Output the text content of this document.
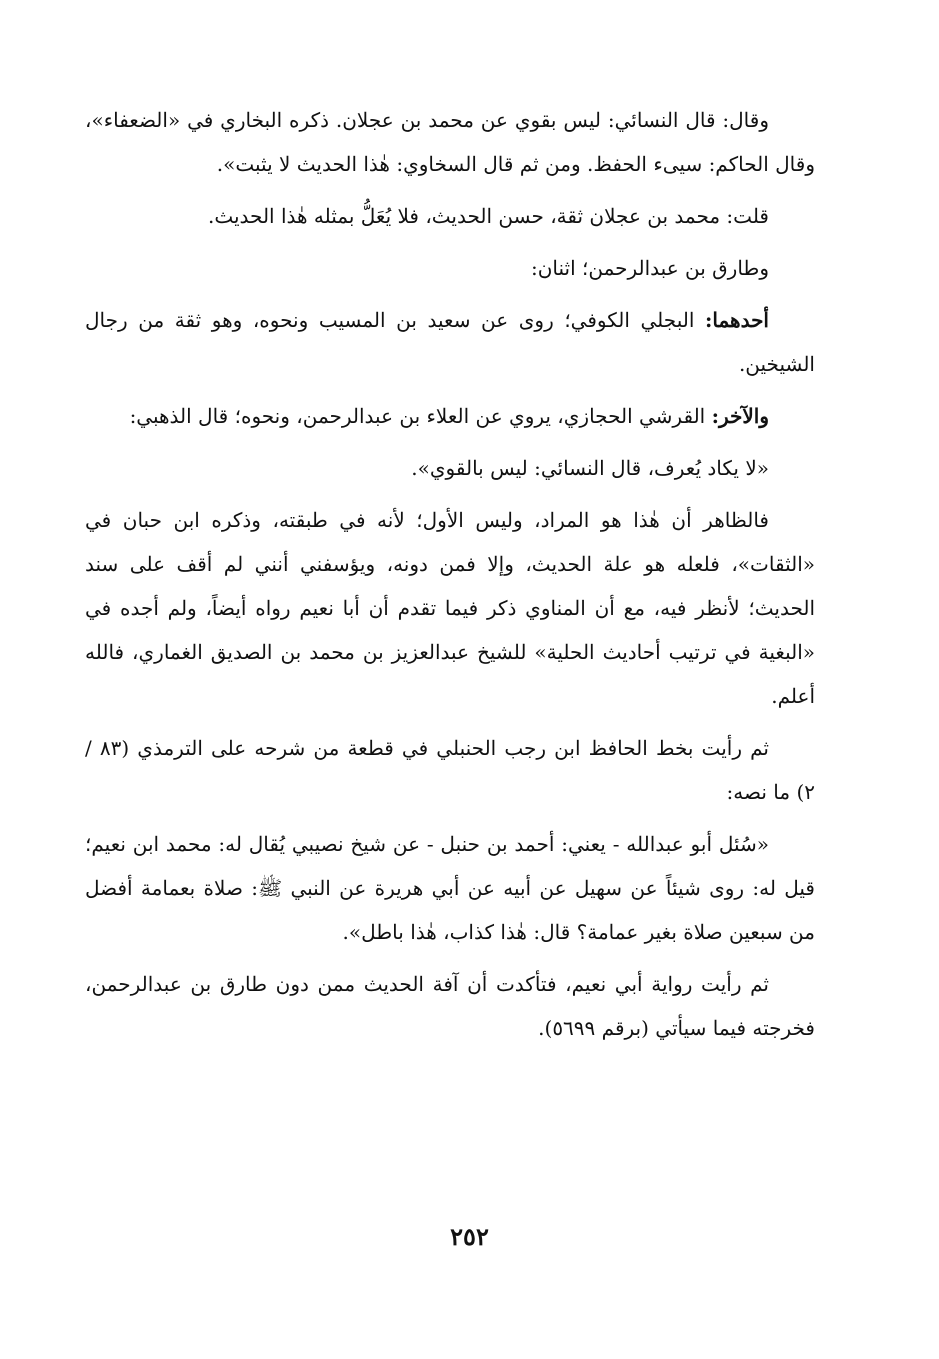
وقال: قال النسائي: ليس بقوي عن محمد بن عجلان. ذكره البخاري في «الضعفاء»، وقال الحاكم: سيىء الحفظ. ومن ثم قال السخاوي: هٰذا الحديث لا يثبت».

قلت: محمد بن عجلان ثقة، حسن الحديث، فلا يُعَلُّ بمثله هٰذا الحديث.

وطارق بن عبدالرحمن؛ اثنان:

أحدهما: البجلي الكوفي؛ روى عن سعيد بن المسيب ونحوه، وهو ثقة من رجال الشيخين.

والآخر: القرشي الحجازي، يروي عن العلاء بن عبدالرحمن، ونحوه؛ قال الذهبي:

«لا يكاد يُعرف، قال النسائي: ليس بالقوي».

فالظاهر أن هٰذا هو المراد، وليس الأول؛ لأنه في طبقته، وذكره ابن حبان في «الثقات»، فلعله هو علة الحديث، وإلا فمن دونه، ويؤسفني أنني لم أقف على سند الحديث؛ لأنظر فيه، مع أن المناوي ذكر فيما تقدم أن أبا نعيم رواه أيضاً، ولم أجده في «البغية في ترتيب أحاديث الحلية» للشيخ عبدالعزيز بن محمد بن الصديق الغماري، فالله أعلم.

ثم رأيت بخط الحافظ ابن رجب الحنبلي في قطعة من شرحه على الترمذي (٨٣ / ٢) ما نصه:

«سُئل أبو عبدالله - يعني: أحمد بن حنبل - عن شيخ نصيبي يُقال له: محمد ابن نعيم؛ قيل له: روى شيئاً عن سهيل عن أبيه عن أبي هريرة عن النبي ﷺ: صلاة بعمامة أفضل من سبعين صلاة بغير عمامة؟ قال: هٰذا كذاب، هٰذا باطل».

ثم رأيت رواية أبي نعيم، فتأكدت أن آفة الحديث ممن دون طارق بن عبدالرحمن، فخرجته فيما سيأتي (برقم ٥٦٩٩).

٢٥٢
